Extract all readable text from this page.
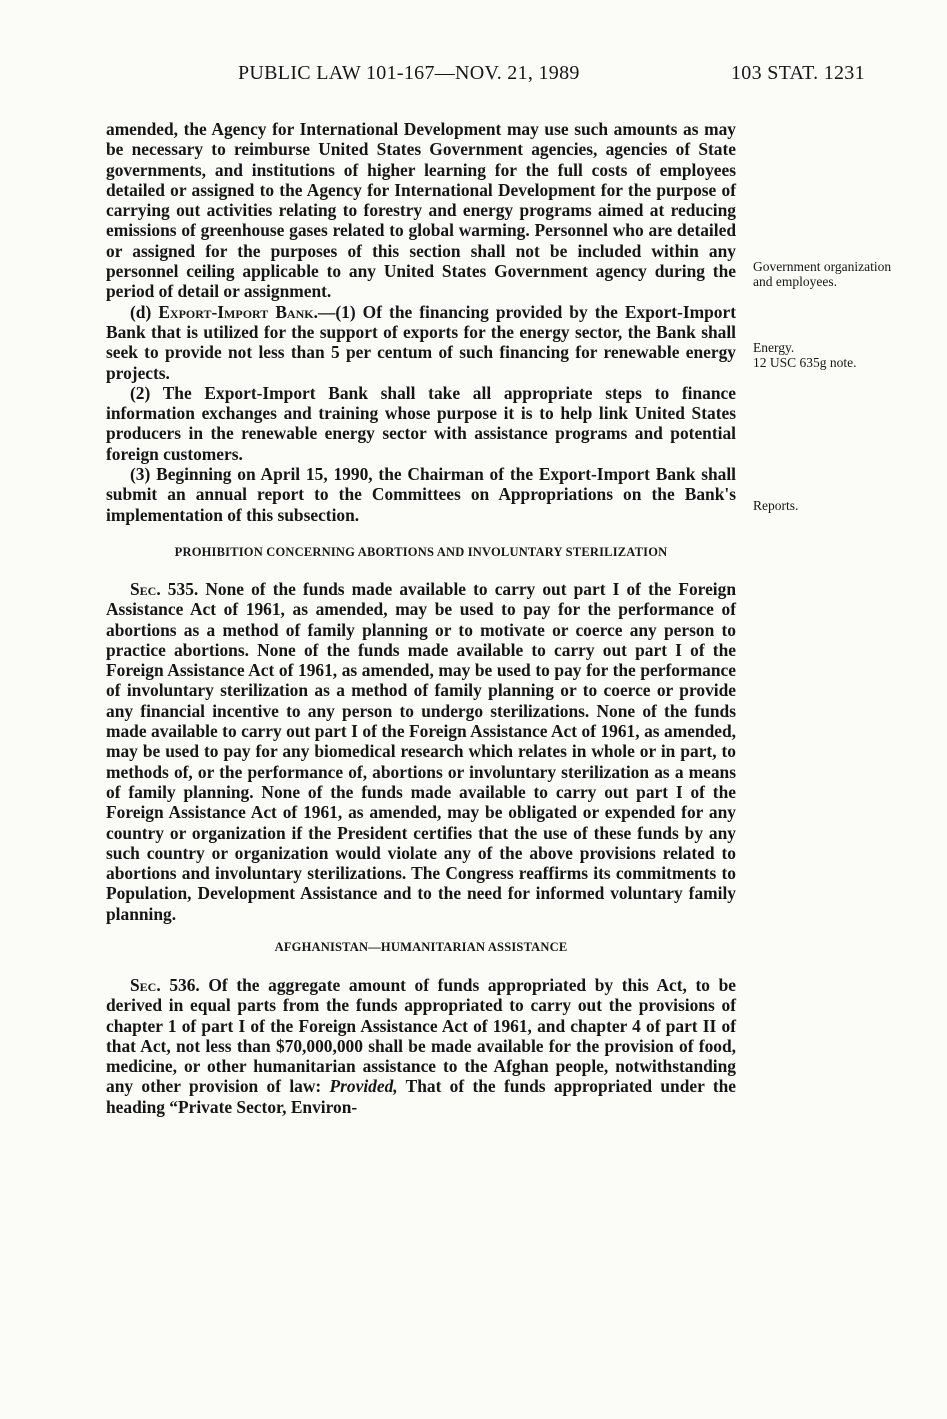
PUBLIC LAW 101-167—NOV. 21, 1989	103 STAT. 1231
Government organization and employees.
Energy.
12 USC 635g note.
Reports.

amended, the Agency for International Development may use such amounts as may be necessary to reimburse United States Government agencies, agencies of State governments, and institutions of higher learning for the full costs of employees detailed or assigned to the Agency for International Development for the purpose of carrying out activities relating to forestry and energy programs aimed at reducing emissions of greenhouse gases related to global warming. Personnel who are detailed or assigned for the purposes of this section shall not be included within any personnel ceiling applicable to any United States Government agency during the period of detail or assignment.

(d) Export-Import Bank.—(1) Of the financing provided by the Export-Import Bank that is utilized for the support of exports for the energy sector, the Bank shall seek to provide not less than 5 per centum of such financing for renewable energy projects.

(2) The Export-Import Bank shall take all appropriate steps to finance information exchanges and training whose purpose it is to help link United States producers in the renewable energy sector with assistance programs and potential foreign customers.

(3) Beginning on April 15, 1990, the Chairman of the Export-Import Bank shall submit an annual report to the Committees on Appropriations on the Bank's implementation of this subsection.

PROHIBITION CONCERNING ABORTIONS AND INVOLUNTARY STERILIZATION

Sec. 535. None of the funds made available to carry out part I of the Foreign Assistance Act of 1961, as amended, may be used to pay for the performance of abortions as a method of family planning or to motivate or coerce any person to practice abortions. None of the funds made available to carry out part I of the Foreign Assistance Act of 1961, as amended, may be used to pay for the performance of involuntary sterilization as a method of family planning or to coerce or provide any financial incentive to any person to undergo sterilizations. None of the funds made available to carry out part I of the Foreign Assistance Act of 1961, as amended, may be used to pay for any biomedical research which relates in whole or in part, to methods of, or the performance of, abortions or involuntary sterilization as a means of family planning. None of the funds made available to carry out part I of the Foreign Assistance Act of 1961, as amended, may be obligated or expended for any country or organization if the President certifies that the use of these funds by any such country or organization would violate any of the above provisions related to abortions and involuntary sterilizations. The Congress reaffirms its commitments to Population, Development Assistance and to the need for informed voluntary family planning.

AFGHANISTAN—HUMANITARIAN ASSISTANCE

Sec. 536. Of the aggregate amount of funds appropriated by this Act, to be derived in equal parts from the funds appropriated to carry out the provisions of chapter 1 of part I of the Foreign Assistance Act of 1961, and chapter 4 of part II of that Act, not less than $70,000,000 shall be made available for the provision of food, medicine, or other humanitarian assistance to the Afghan people, notwithstanding any other provision of law: Provided, That of the funds appropriated under the heading “Private Sector, Environ-
